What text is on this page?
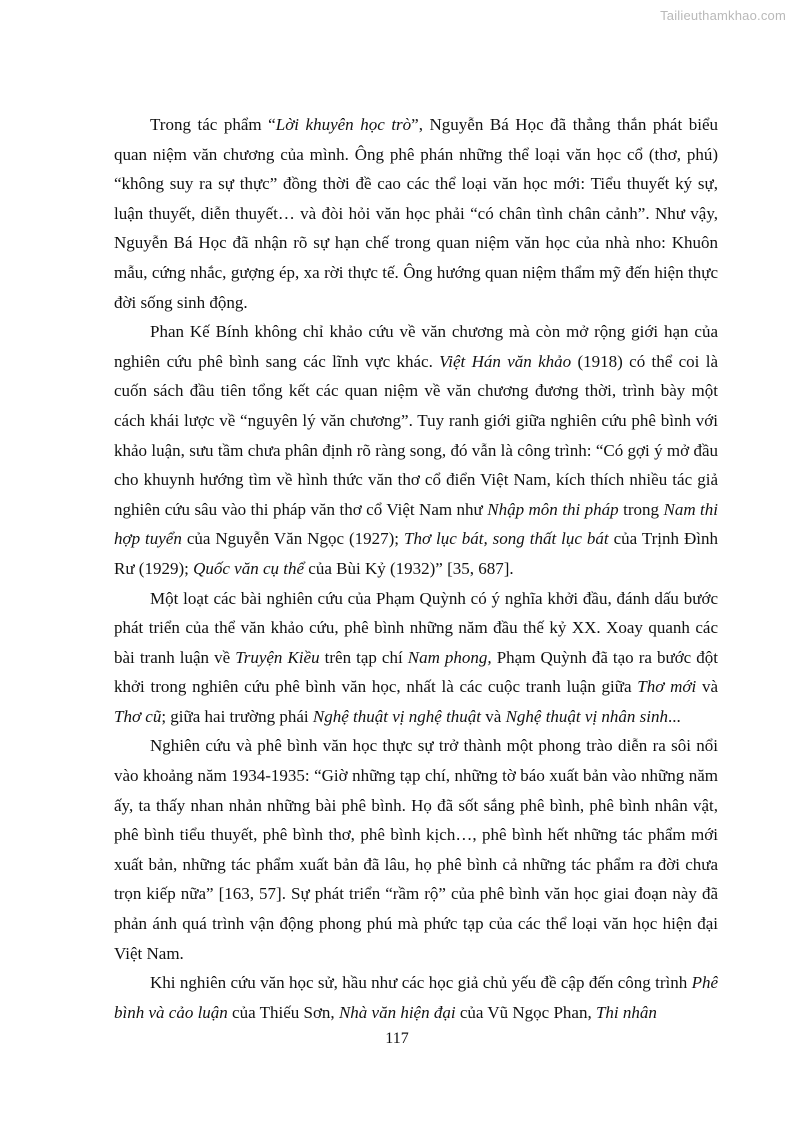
Tailieuthamkhao.com

Trong tác phẩm “Lời khuyên học trò”, Nguyễn Bá Học đã thẳng thắn phát biểu quan niệm văn chương của mình. Ông phê phán những thể loại văn học cổ (thơ, phú) “không suy ra sự thực” đồng thời đề cao các thể loại văn học mới: Tiểu thuyết ký sự, luận thuyết, diễn thuyết… và đòi hỏi văn học phải “có chân tình chân cảnh”. Như vậy, Nguyễn Bá Học đã nhận rõ sự hạn chế trong quan niệm văn học của nhà nho: Khuôn mẫu, cứng nhắc, gượng ép, xa rời thực tế. Ông hướng quan niệm thẩm mỹ đến hiện thực đời sống sinh động.

Phan Kế Bính không chỉ khảo cứu về văn chương mà còn mở rộng giới hạn của nghiên cứu phê bình sang các lĩnh vực khác. Việt Hán văn khảo (1918) có thể coi là cuốn sách đầu tiên tổng kết các quan niệm về văn chương đương thời, trình bày một cách khái lược về “nguyên lý văn chương”. Tuy ranh giới giữa nghiên cứu phê bình với khảo luận, sưu tầm chưa phân định rõ ràng song, đó vẫn là công trình: “Có gợi ý mở đầu cho khuynh hướng tìm về hình thức văn thơ cổ điển Việt Nam, kích thích nhiều tác giả nghiên cứu sâu vào thi pháp văn thơ cổ Việt Nam như Nhập môn thi pháp trong Nam thi hợp tuyển của Nguyễn Văn Ngọc (1927); Thơ lục bát, song thất lục bát của Trịnh Đình Rư (1929); Quốc văn cụ thể của Bùi Kỷ (1932)” [35, 687].

Một loạt các bài nghiên cứu của Phạm Quỳnh có ý nghĩa khởi đầu, đánh dấu bước phát triển của thể văn khảo cứu, phê bình những năm đầu thế kỷ XX. Xoay quanh các bài tranh luận về Truyện Kiều trên tạp chí Nam phong, Phạm Quỳnh đã tạo ra bước đột khởi trong nghiên cứu phê bình văn học, nhất là các cuộc tranh luận giữa Thơ mới và Thơ cũ; giữa hai trường phái Nghệ thuật vị nghệ thuật và Nghệ thuật vị nhân sinh...

Nghiên cứu và phê bình văn học thực sự trở thành một phong trào diễn ra sôi nổi vào khoảng năm 1934-1935: “Giờ những tạp chí, những tờ báo xuất bản vào những năm ấy, ta thấy nhan nhản những bài phê bình. Họ đã sốt sắng phê bình, phê bình nhân vật, phê bình tiểu thuyết, phê bình thơ, phê bình kịch…, phê bình hết những tác phẩm mới xuất bản, những tác phẩm xuất bản đã lâu, họ phê bình cả những tác phẩm ra đời chưa trọn kiếp nữa” [163, 57]. Sự phát triển “rầm rộ” của phê bình văn học giai đoạn này đã phản ánh quá trình vận động phong phú mà phức tạp của các thể loại văn học hiện đại Việt Nam.

Khi nghiên cứu văn học sử, hầu như các học giả chủ yếu đề cập đến công trình Phê bình và cảo luận của Thiếu Sơn, Nhà văn hiện đại của Vũ Ngọc Phan, Thi nhân

117
